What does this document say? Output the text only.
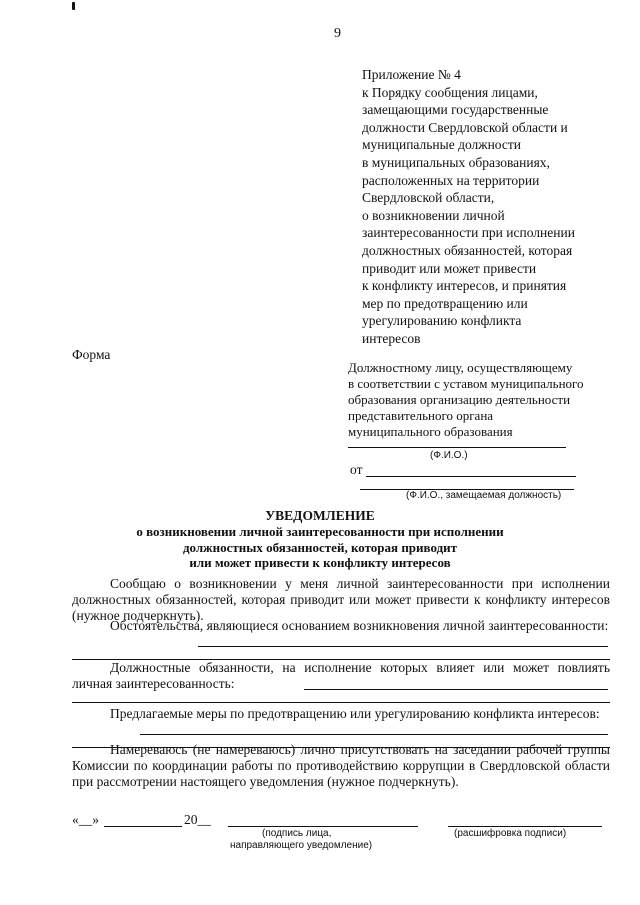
9
Приложение № 4
к Порядку сообщения лицами,
замещающими государственные
должности Свердловской области и
муниципальные должности
в муниципальных образованиях,
расположенных на территории
Свердловской области,
о возникновении личной
заинтересованности при исполнении
должностных обязанностей, которая
приводит или может привести
к конфликту интересов, и принятия
мер по предотвращению или
урегулированию конфликта
интересов
Форма
Должностному лицу, осуществляющему
в соответствии с уставом муниципального
образования организацию деятельности
представительного органа
муниципального образования
(Ф.И.О.)
от
(Ф.И.О., замещаемая должность)
УВЕДОМЛЕНИЕ
о возникновении личной заинтересованности при исполнении
должностных обязанностей, которая приводит
или может привести к конфликту интересов
Сообщаю о возникновении у меня личной заинтересованности при исполнении должностных обязанностей, которая приводит или может привести к конфликту интересов (нужное подчеркнуть).
Обстоятельства, являющиеся основанием возникновения личной заинтересованности:
Должностные обязанности, на исполнение которых влияет или может повлиять личная заинтересованность:
Предлагаемые меры по предотвращению или урегулированию конфликта интересов:
Намереваюсь (не намереваюсь) лично присутствовать на заседании рабочей группы Комиссии по координации работы по противодействию коррупции в Свердловской области при рассмотрении настоящего уведомления (нужное подчеркнуть).
«__»	20__
(подпись лица,
направляющего уведомление)
(расшифровка подписи)
